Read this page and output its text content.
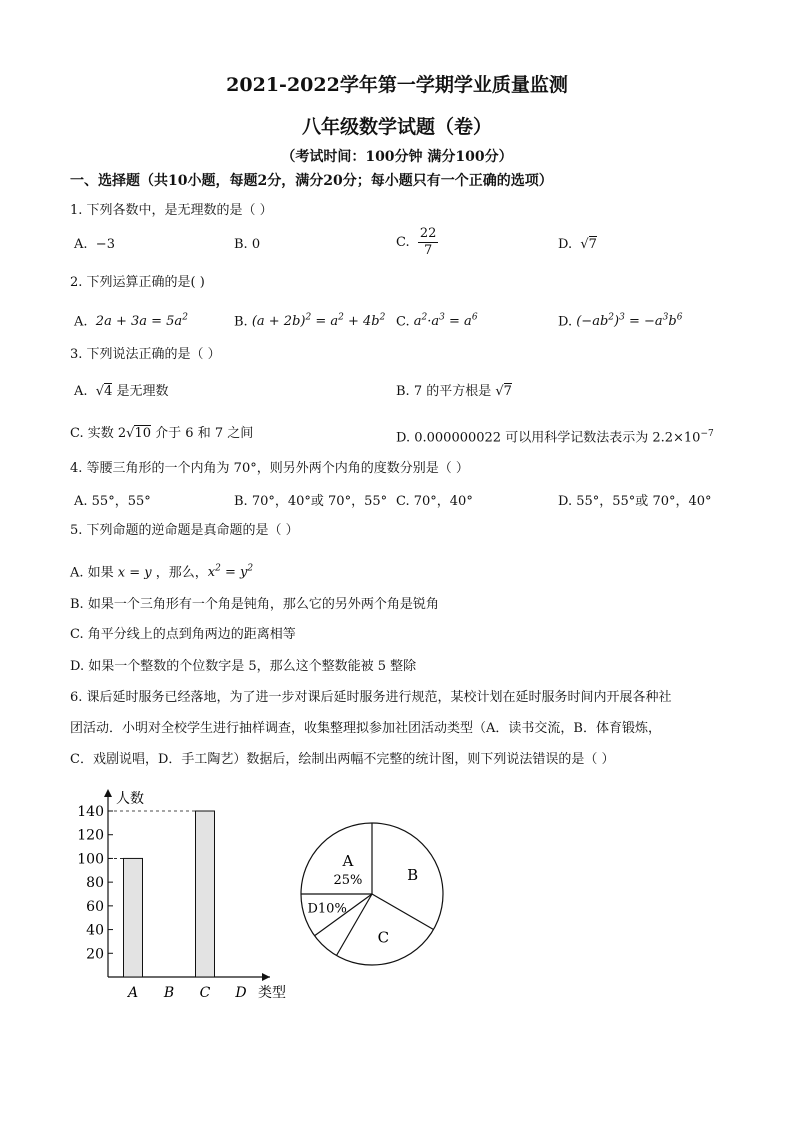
2021-2022学年第一学期学业质量监测
八年级数学试题（卷）
（考试时间：100分钟 满分100分）
一、选择题（共10小题，每题2分，满分20分；每小题只有一个正确的选项）
1. 下列各数中，是无理数的是（ ）
A. −3	B. 0	C. $\frac{22}{7}$	D. √7
2. 下列运算正确的是( )
A. $2a + 3a = 5a^2$	B. $(a + 2b)^2 = a^2 + 4b^2$ C. $a^2\cdot a^3 = a^6$	D. $(-ab^2)^3 = -a^3b^6$
3. 下列说法正确的是（ ）
A. √4 是无理数	B. 7 的平方根是 √7
C. 实数 2√10 介于 6 和 7 之间	D. 0.000000022 可以用科学记数法表示为 $2.2\times 10^{-7}$
4. 等腰三角形的一个内角为 70°，则另外两个内角的度数分别是（ ）
A. 55°，55°	B. 70°，40°或 70°，55° C. 70°，40°	D. 55°，55°或 70°，40°
5. 下列命题的逆命题是真命题的是（ ）
A. 如果 x = y ，那么，$x^2 = y^2$
B. 如果一个三角形有一个角是钝角，那么它的另外两个角是锐角
C. 角平分线上的点到角两边的距离相等
D. 如果一个整数的个位数字是 5，那么这个整数能被 5 整除
6. 课后延时服务已经落地，为了进一步对课后延时服务进行规范，某校计划在延时服务时间内开展各种社
团活动．小明对全校学生进行抽样调查，收集整理拟参加社团活动类型（A．读书交流，B．体育锻炼，
C．戏剧说唱，D．手工陶艺）数据后，绘制出两幅不完整的统计图，则下列说法错误的是（ ）
人数
类型
20
40
60
80
100
120
140
A B C D
A
25%	B
C
D10%
